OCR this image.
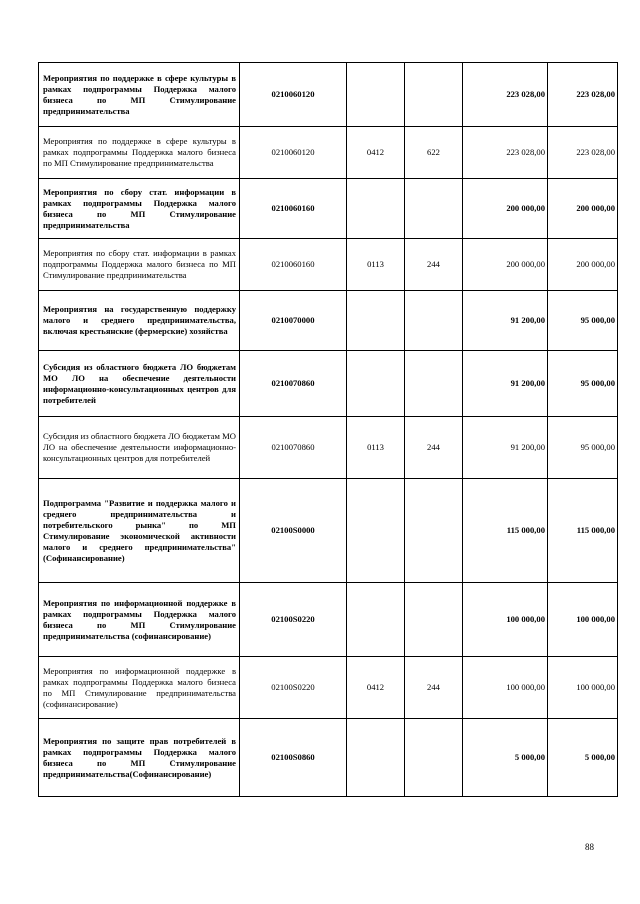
Мероприятия по поддержке в сфере культуры в рамках подпрограммы Поддержка малого бизнеса по МП Стимулирование предпринимательства	0210060120			223 028,00	223 028,00
Мероприятия по поддержке в сфере культуры в рамках подпрограммы Поддержка малого бизнеса по МП Стимулирование предпринимательства	0210060120	0412	622	223 028,00	223 028,00
Мероприятия по сбору стат. информации в рамках подпрограммы Поддержка малого бизнеса по МП Стимулирование предпринимательства	0210060160			200 000,00	200 000,00
Мероприятия по сбору стат. информации в рамках подпрограммы Поддержка малого бизнеса по МП Стимулирование предпринимательства	0210060160	0113	244	200 000,00	200 000,00
Мероприятия на государственную поддержку малого и среднего предпринимательства, включая крестьянские (фермерские) хозяйства	0210070000			91 200,00	95 000,00
Субсидия из областного бюджета ЛО бюджетам МО ЛО на обеспечение деятельности информационно-консультационных центров для потребителей	0210070860			91 200,00	95 000,00
Субсидия из областного бюджета ЛО бюджетам МО ЛО на обеспечение деятельности информационно-консультационных центров для потребителей	0210070860	0113	244	91 200,00	95 000,00
Подпрограмма "Развитие и поддержка малого и среднего предпринимательства и потребительского рынка" по МП Стимулирование экономической активности малого и среднего предпринимательства" (Софинансирование)	02100S0000			115 000,00	115 000,00
Мероприятия по информационной поддержке в рамках подпрограммы Поддержка малого бизнеса по МП Стимулирование предпринимательства (софинансирование)	02100S0220			100 000,00	100 000,00
Мероприятия по информационной поддержке в рамках подпрограммы Поддержка малого бизнеса по МП Стимулирование предпринимательства (софинансирование)	02100S0220	0412	244	100 000,00	100 000,00
Мероприятия по защите прав потребителей в рамках подпрограммы Поддержка малого бизнеса по МП Стимулирование предпринимательства(Софинансирование)	02100S0860			5 000,00	5 000,00
88
